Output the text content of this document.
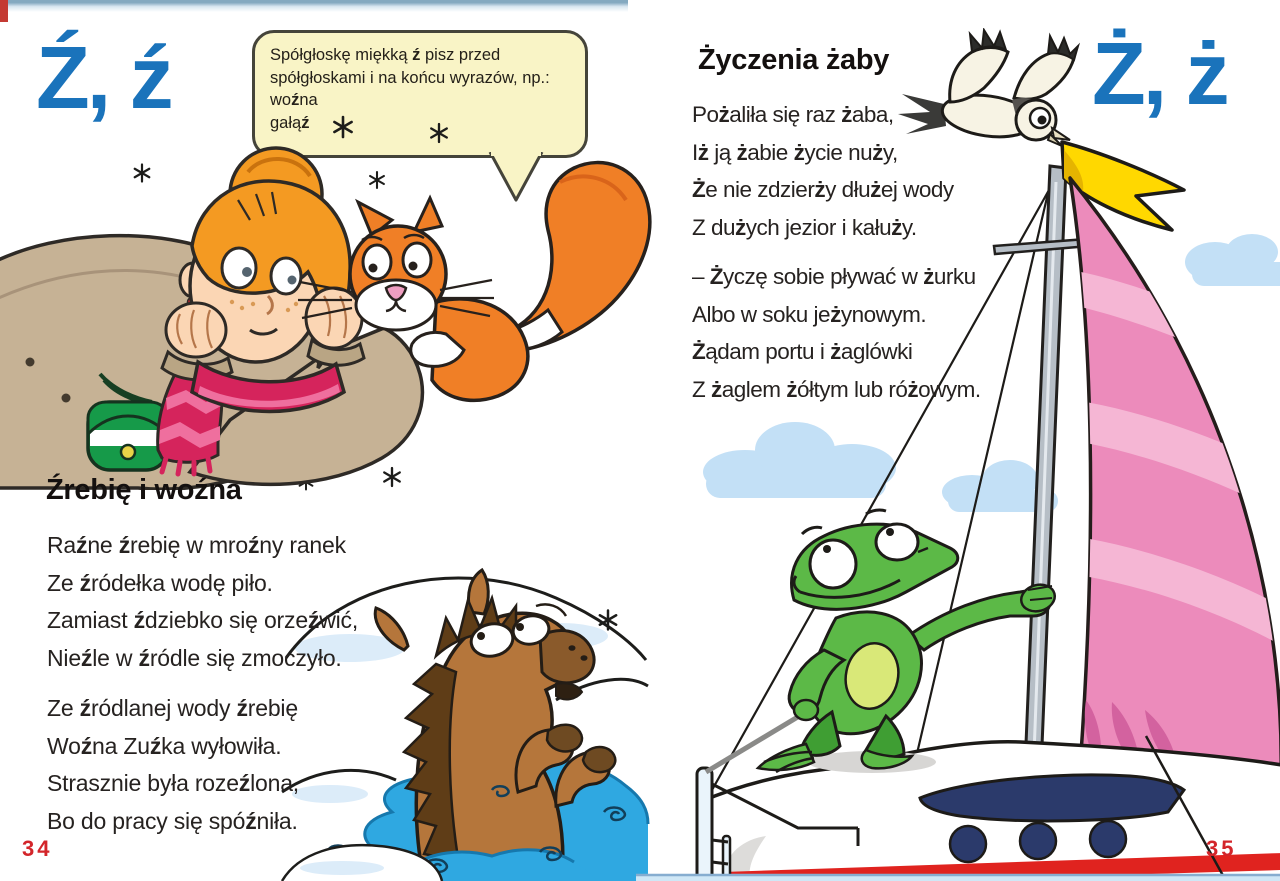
Ź, ź	Spółgłoskę miękką ź pisz przed
spółgłoskami i na końcu wyrazów, np.:
woźna
gałąź
Źrebię i woźna
Raźne źrebię w mroźny ranek
Ze źródełka wodę piło.
Zamiast ździebko się orzeźwić,
Nieźle w źródle się zmoczyło.
Ze źródlanej wody źrebię
Woźna Zuźka wyłowiła.
Strasznie była rozeźlona,
Bo do pracy się spóźniła.
34
Ż, ż
Życzenia żaby
Pożaliła się raz żaba,
Iż ją żabie życie nuży,
Że nie zdzierży dłużej wody
Z dużych jezior i kałuży.
– Życzę sobie pływać w żurku
Albo w soku jeżynowym.
Żądam portu i żaglówki
Z żaglem żółtym lub różowym.
35
